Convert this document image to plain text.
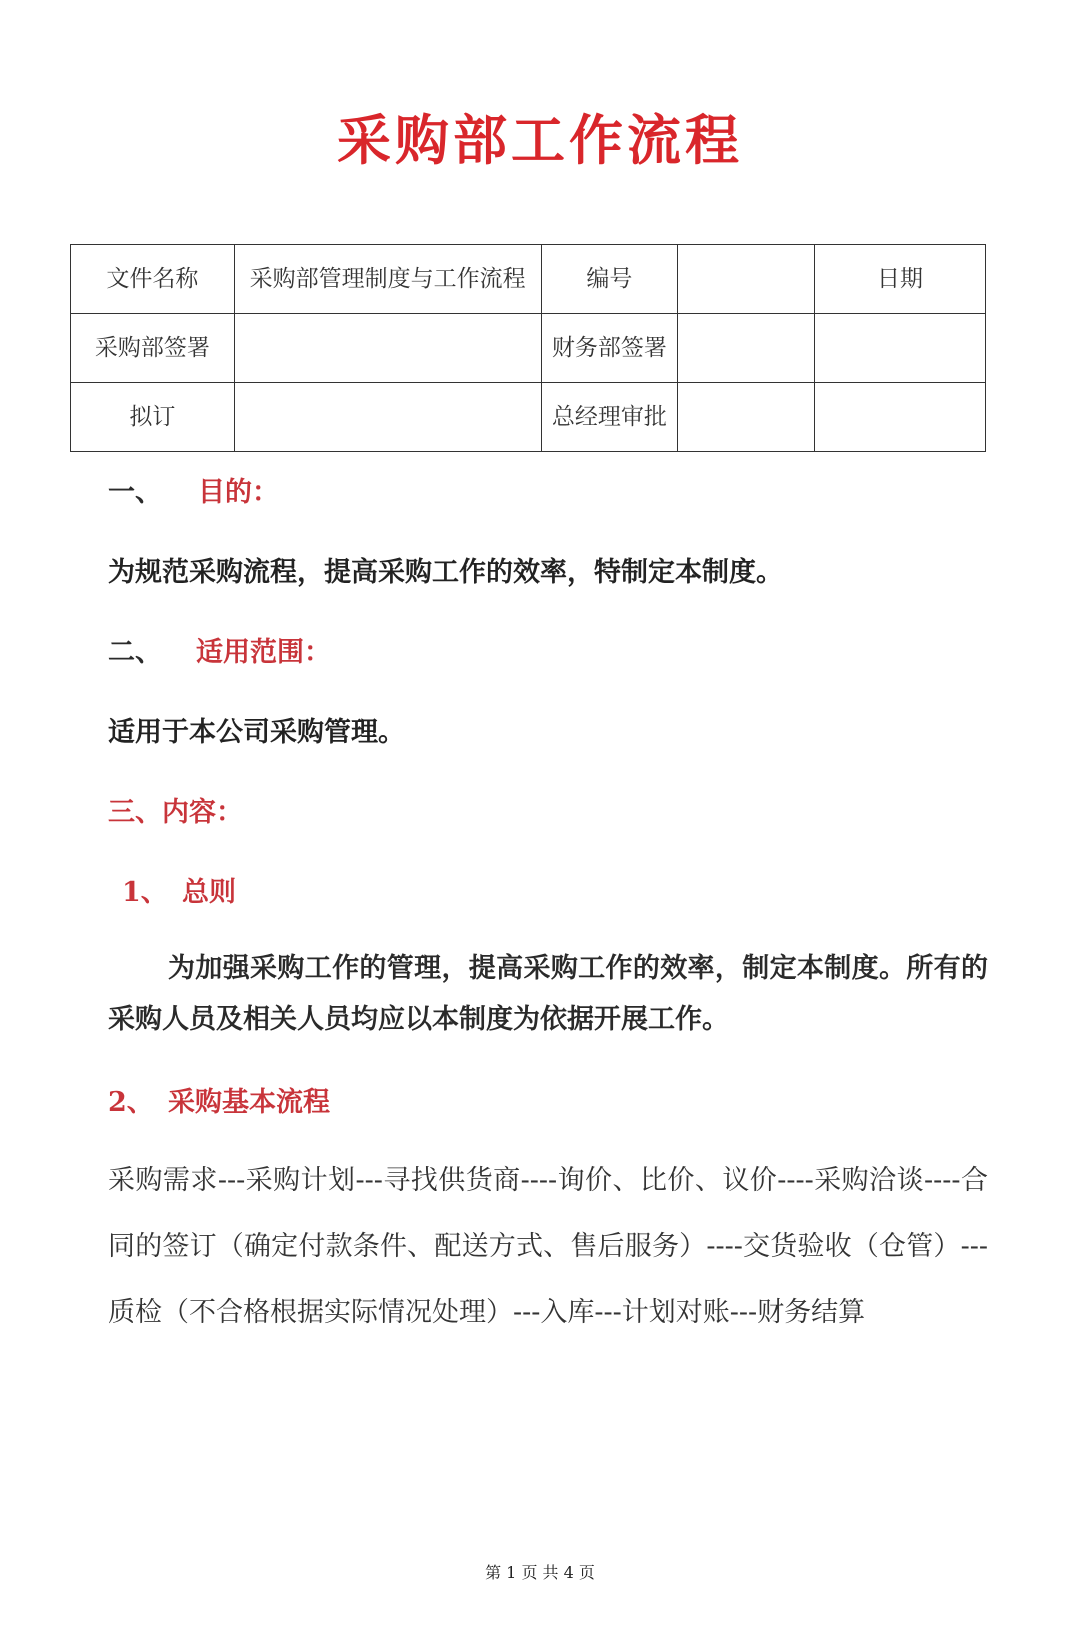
采购部工作流程
文件名称	采购部管理制度与工作流程	编号		日期
采购部签署		财务部签署		
拟订		总经理审批		
一、 目的：
为规范采购流程，提高采购工作的效率，特制定本制度。
二、 适用范围：
适用于本公司采购管理。
三、内容：
1、 总则
为加强采购工作的管理，提高采购工作的效率，制定本制度。所有的采购人员及相关人员均应以本制度为依据开展工作。
2、 采购基本流程
采购需求---采购计划---寻找供货商----询价、比价、议价----采购洽谈----合同的签订（确定付款条件、配送方式、售后服务）----交货验收（仓管）---质检（不合格根据实际情况处理）---入库---计划对账---财务结算
第 1 页 共 4 页
